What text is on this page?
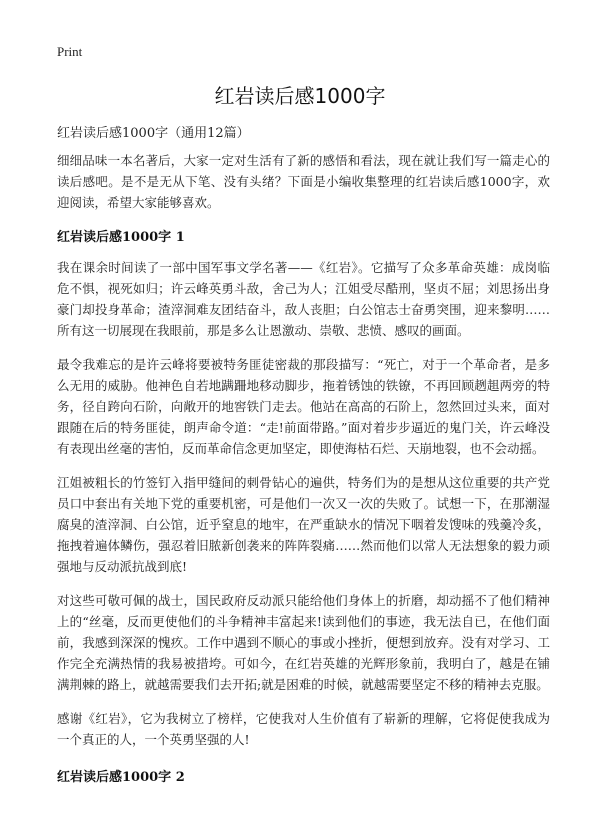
Print
红岩读后感1000字
红岩读后感1000字（通用12篇）

细细品味一本名著后，大家一定对生活有了新的感悟和看法，现在就让我们写一篇走心的读后感吧。是不是无从下笔、没有头绪？下面是小编收集整理的红岩读后感1000字，欢迎阅读，希望大家能够喜欢。

红岩读后感1000字 1

我在课余时间读了一部中国军事文学名著——《红岩》。它描写了众多革命英雄：成岗临危不惧，视死如归；许云峰英勇斗敌，舍己为人；江姐受尽酷刑，坚贞不屈；刘思扬出身豪门却投身革命；渣滓洞难友团结奋斗，敌人丧胆；白公馆志士奋勇突围，迎来黎明……所有这一切展现在我眼前，那是多么让恩激动、崇敬、悲愤、感叹的画面。

最令我难忘的是许云峰将要被特务匪徒密裁的那段描写：“死亡，对于一个革命者，是多么无用的威胁。他神色自若地蹒跚地移动脚步，拖着锈蚀的铁镣，不再回顾趔趄两旁的特务，径自跨向石阶，向敞开的地窖铁门走去。他站在高高的石阶上，忽然回过头来，面对跟随在后的特务匪徒，朗声命令道：“走!前面带路。”面对着步步逼近的鬼门关，许云峰没有表现出丝毫的害怕，反而革命信念更加坚定，即使海枯石烂、天崩地裂，也不会动摇。

江姐被粗长的竹签钉入指甲缝间的刺骨钻心的遍供，特务们为的是想从这位重要的共产党员口中套出有关地下党的重要机密，可是他们一次又一次的失败了。试想一下，在那潮湿腐臭的渣滓洞、白公馆，近乎窒息的地牢，在严重缺水的情况下咽着发馊味的残羹冷炙，拖拽着遍体鳞伤，强忍着旧脓新创袭来的阵阵裂痛……然而他们以常人无法想象的毅力顽强地与反动派抗战到底!

对这些可敬可佩的战士，国民政府反动派只能给他们身体上的折磨，却动摇不了他们精神上的“丝毫，反而更使他们的斗争精神丰富起来!读到他们的事迹，我无法自已，在他们面前，我感到深深的愧疚。工作中遇到不顺心的事或小挫折，便想到放弃。没有对学习、工作完全充满热情的我易被措垮。可如今，在红岩英雄的光辉形象前，我明白了，越是在铺满荆棘的路上，就越需要我们去开拓;就是困难的时候，就越需要坚定不移的精神去克服。

感谢《红岩》，它为我树立了榜样，它使我对人生价值有了崭新的理解，它将促使我成为一个真正的人，一个英勇坚强的人!

红岩读后感1000字 2
